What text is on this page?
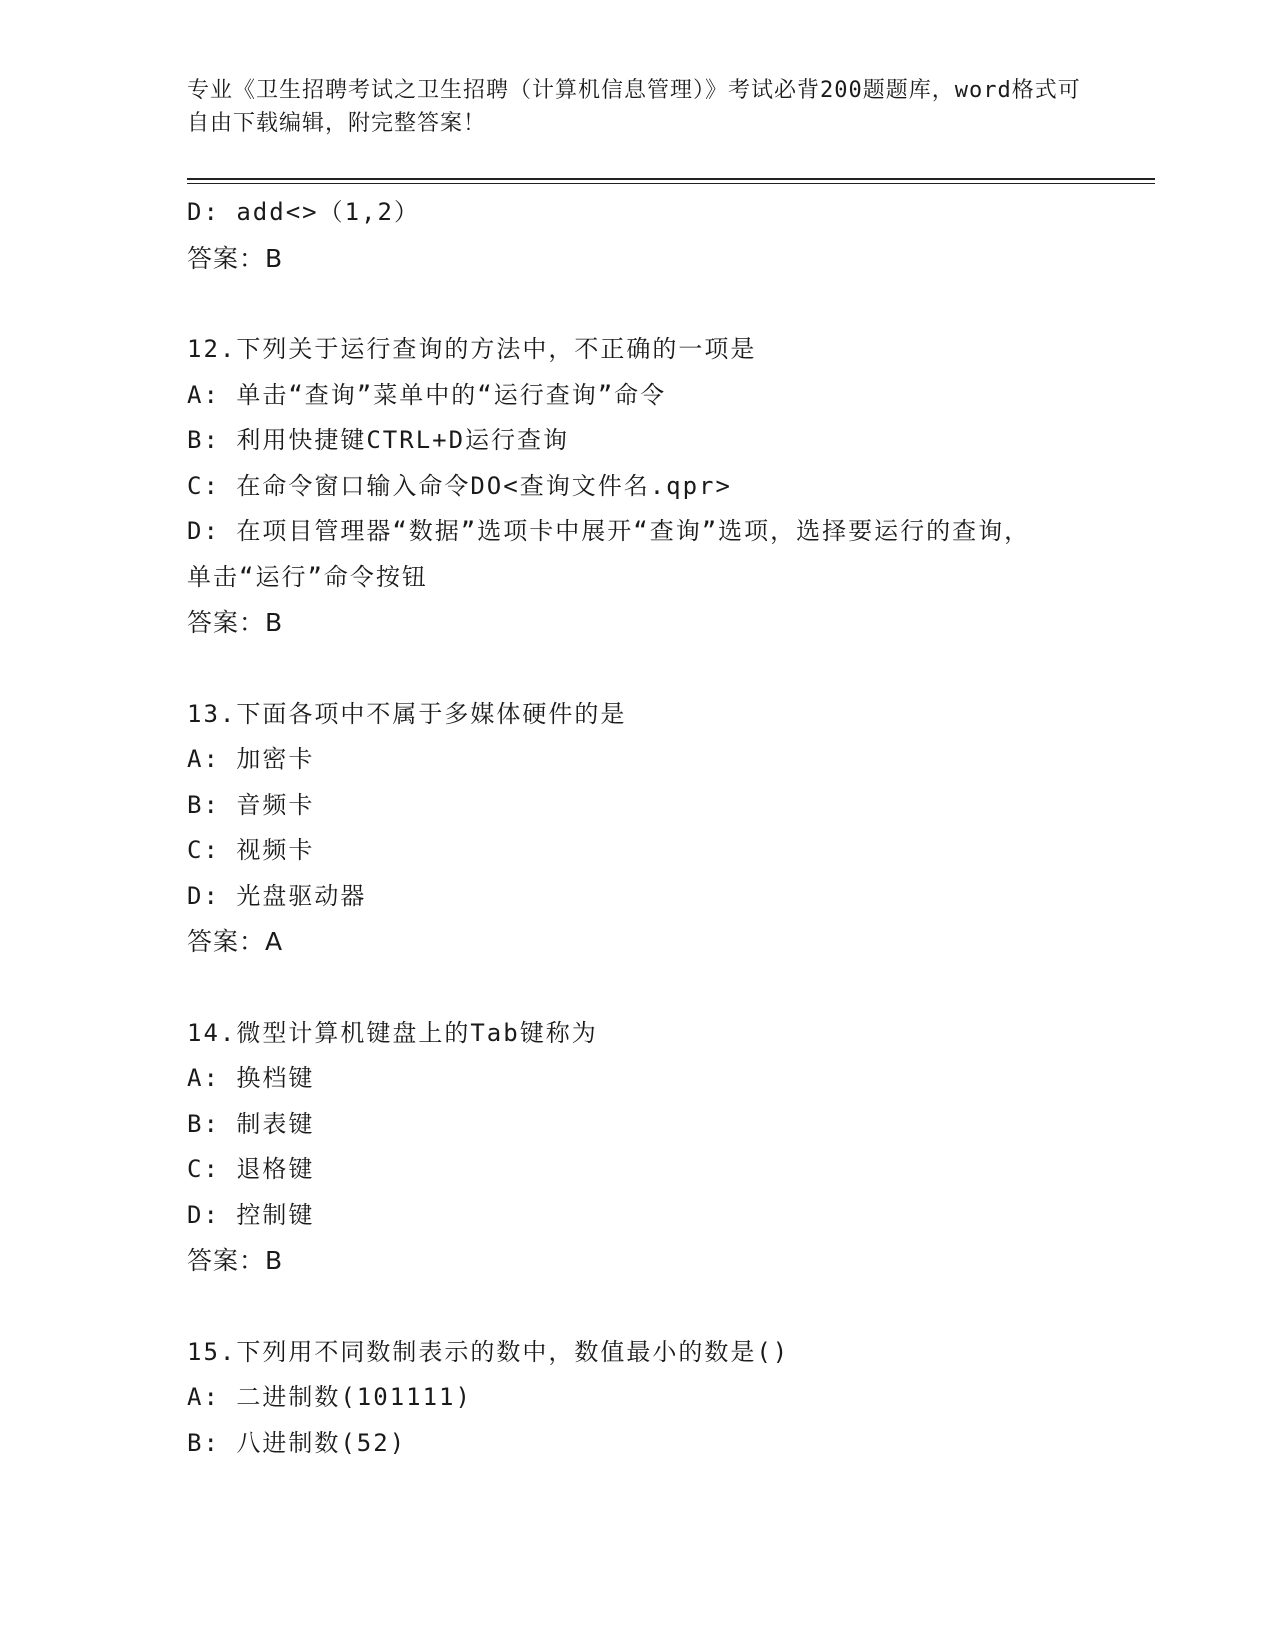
专业《卫生招聘考试之卫生招聘（计算机信息管理）》考试必背200题题库，word格式可自由下载编辑，附完整答案！
D: add<>（1,2）
答案：B
12.下列关于运行查询的方法中，不正确的一项是
A: 单击“查询”菜单中的“运行查询”命令
B: 利用快捷键CTRL+D运行查询
C: 在命令窗口输入命令DO<查询文件名.qpr>
D: 在项目管理器“数据”选项卡中展开“查询”选项，选择要运行的查询，单击“运行”命令按钮
答案：B
13.下面各项中不属于多媒体硬件的是
A: 加密卡
B: 音频卡
C: 视频卡
D: 光盘驱动器
答案：A
14.微型计算机键盘上的Tab键称为
A: 换档键
B: 制表键
C: 退格键
D: 控制键
答案：B
15.下列用不同数制表示的数中，数值最小的数是()
A: 二进制数(101111)
B: 八进制数(52)
